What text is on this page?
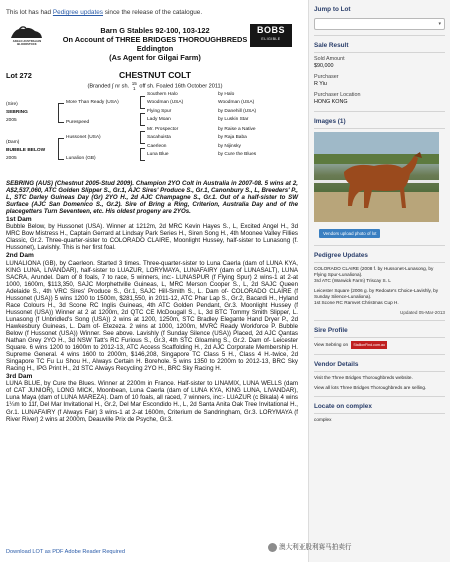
This lot has had Pedigree updates since the release of the catalogue.
ANGLO AUSTRALIAN BLOODSTOCK
BOBS
ELIGIBLE
Barn G Stables 92-100, 103-122
On Account of THREE BRIDGES THOROUGHBREDS
Eddington
(As Agent for Gilgai Farm)
Lot 272	CHESTNUT COLT
(Branded ∫ nr sh. 15
1 off sh. Foaled 16th October 2011)
(Sire)
SEBRING
2005
(Dam)
BUBBLE BELOW
2005
More Than Ready (USA)
Purespeed
Hussonet (USA)
Lunalion (GB)
Southern Halo
Woodman (USA)
Flying Spur
Lady Moan
Mr. Prospector
Sacahuista
Caerleon
Luna Blue
by Halo
Woodman (USA)
by Danehill (USA)
by Luskin Star
by Raise a Native
by Raja Baba
by Nijinsky
by Cure the Blues

SEBRING (AUS) (Chestnut 2005-Stud 2009). Champion 2YO Colt in Australia in 2007-08. 5 wins at 2, A$2,537,060, ATC Golden Slipper S., Gr.1, AJC Sires' Produce S., Gr.1, Canonbury S., L, Breeders' P., L, STC Darley Guineas Day (Gr) 2YO H., 2d AJC Champagne S., Gr.1. Out of a half-sister to SW Surface (AJC San Domenico S., Gr.2). Sire of Bring a Ring, Criterion, Australia Day and of the placegetters Turn Seventeen, etc. His oldest progeny are 2YOs.

1st Dam

Bubble Below, by Hussonet (USA). Winner at 1212m, 2d MRC Kevin Hayes S., L, Excited Angel H., 3d MRC Bow Mistress H., Captain Gerrard at Lindsay Park Series H., Siren Song H., 4th Moonee Valley Fillies Classic, Gr.2. Three-quarter-sister to COLORADO CLAIRE, Moonlight Hussey, half-sister to Lunasong (f. Hussonet), Lavishly. This is her first foal.

2nd Dam

LUNALIONA (GB), by Caerleon. Started 3 times. Three-quarter-sister to Luna Caerla (dam of LUNA KYA, KING LUNA, LIVANDAR), half-sister to LUAZUR, LORYMAYA, LUNAFAIRY (dam of LUNASALT), LUNA SACRA, Arundel. Dam of 8 foals, 7 to race, 5 winners, inc:- LUNASPUR (f Flying Spur) 2 wins-1 at 2-at 1000, 1600m, $113,350, SAJC Morphettville Guineas, L, MRC Merson Cooper S., L, 2d SAJC Queen Adelaide S., 4th VRC Sires' Produce S., Gr.1, SAJC Hill-Smith S., L. Dam of- COLORADO CLAIRE (f Hussonet (USA)) 5 wins 1200 to 1500m, $281,550, in 2011-12, ATC Phar Lap S., Gr.2, Bacardi H., Hyland Race Colours H., 3d Scone RC Inglis Guineas, 4th ATC Golden Pendant, Gr.3. Moonlight Hussey (f Hussonet (USA)) Winner at 2 at 1200m, 2d QTC CE McDougall S., L, 3d BTC Tommy Smith Slipper, L. Lunasong (f Unbridled's Song (USA)) 2 wins at 1200, 1250m, STC Bradley Elegante Hand Dryer P., 2d Hawkesbury Guineas, L. Dam of- Etezeza. 2 wins at 1000, 1200m, MVRC Ready Workforce P. Bubble Below (f Hussonet (USA)) Winner. See above. Lavishly (f Sunday Silence (USA)) Placed, 2d AJC Qantas Nathan Grey 2YO H., 3d NSW Tatt's RC Furious S., Gr.3, 4th STC Gloaming S., Gr.2. Dam of- Leicester Square. 6 wins 1200 to 1600m to 2012-13, ATC Access Scaffolding H., 2d AJC Corporate Membership H. Supreme General. 4 wins 1600 to 2000m, $146,208, Singapore TC Class 5 H., Class 4 H.-twice, 2d Singapore TC Fu Lu Shou H., Always Certain H. Borehole. 5 wins 1350 to 2200m to 2012-13, BRC Sky Racing H., IPG Print H., 2d STC Always Recycling 2YO H., BRC Sky Racing H.

3rd Dam

LUNA BLUE, by Cure the Blues. Winner at 2200m in France. Half-sister to LINAMIX, LUNA WELLS (dam of CAT JUNIOR), LONG MICK, Moonbean, Luna Caerla (dam of LUNA KYA, KING LUNA, LIVANDAR), Luna Maya (dam of LUNA MAREZA). Dam of 10 foals, all raced, 7 winners, inc:- LUAZUR (c Bikala) 4 wins 1¼m to 11f, Del Mar Invitational H., Gr.2, Del Mar Escondido H., L, 2d Santa Anita Oak Tree Invitational H., Gr.1. LUNAFAIRY (f Always Fair) 3 wins-1 at 2-at 1600m, Criterium de Sandringham, Gr.3. LORYMAYA (f River River) 2 wins at 2000m, Deauville Prix de Psyche, Gr.3.

Download LOT as PDF Adobe Reader Required
Jump to Lot
▾
Sale Result
Sold Amount
$90,000
Purchaser
R Yiu
Purchaser Location
HONG KONG
Images (1)
Vendors upload photo of lot
Pedigree Updates
COLORADO CLAIRE (2008 f. by Hussonet-Lunasong, by Flying Spur-Lunaliona).
3rd ATC (Warwick Farm) Triscay S. L
Leicester Square (2006 g. by Redoute's Choice-Lavishly, by Sunday Silence-Lunaliona).
1st Scone RC Ramvet Christmas Cup H.
Updated 05-Mar-2013
Sire Profile
View Sebring on StallionFind.com.au
Vendor Details
Visit the Three Bridges Thoroughbreds website.
View all lots Three Bridges Thoroughbreds are selling.
Locate on complex
complex
澳大利亚股利赛马拍卖行
